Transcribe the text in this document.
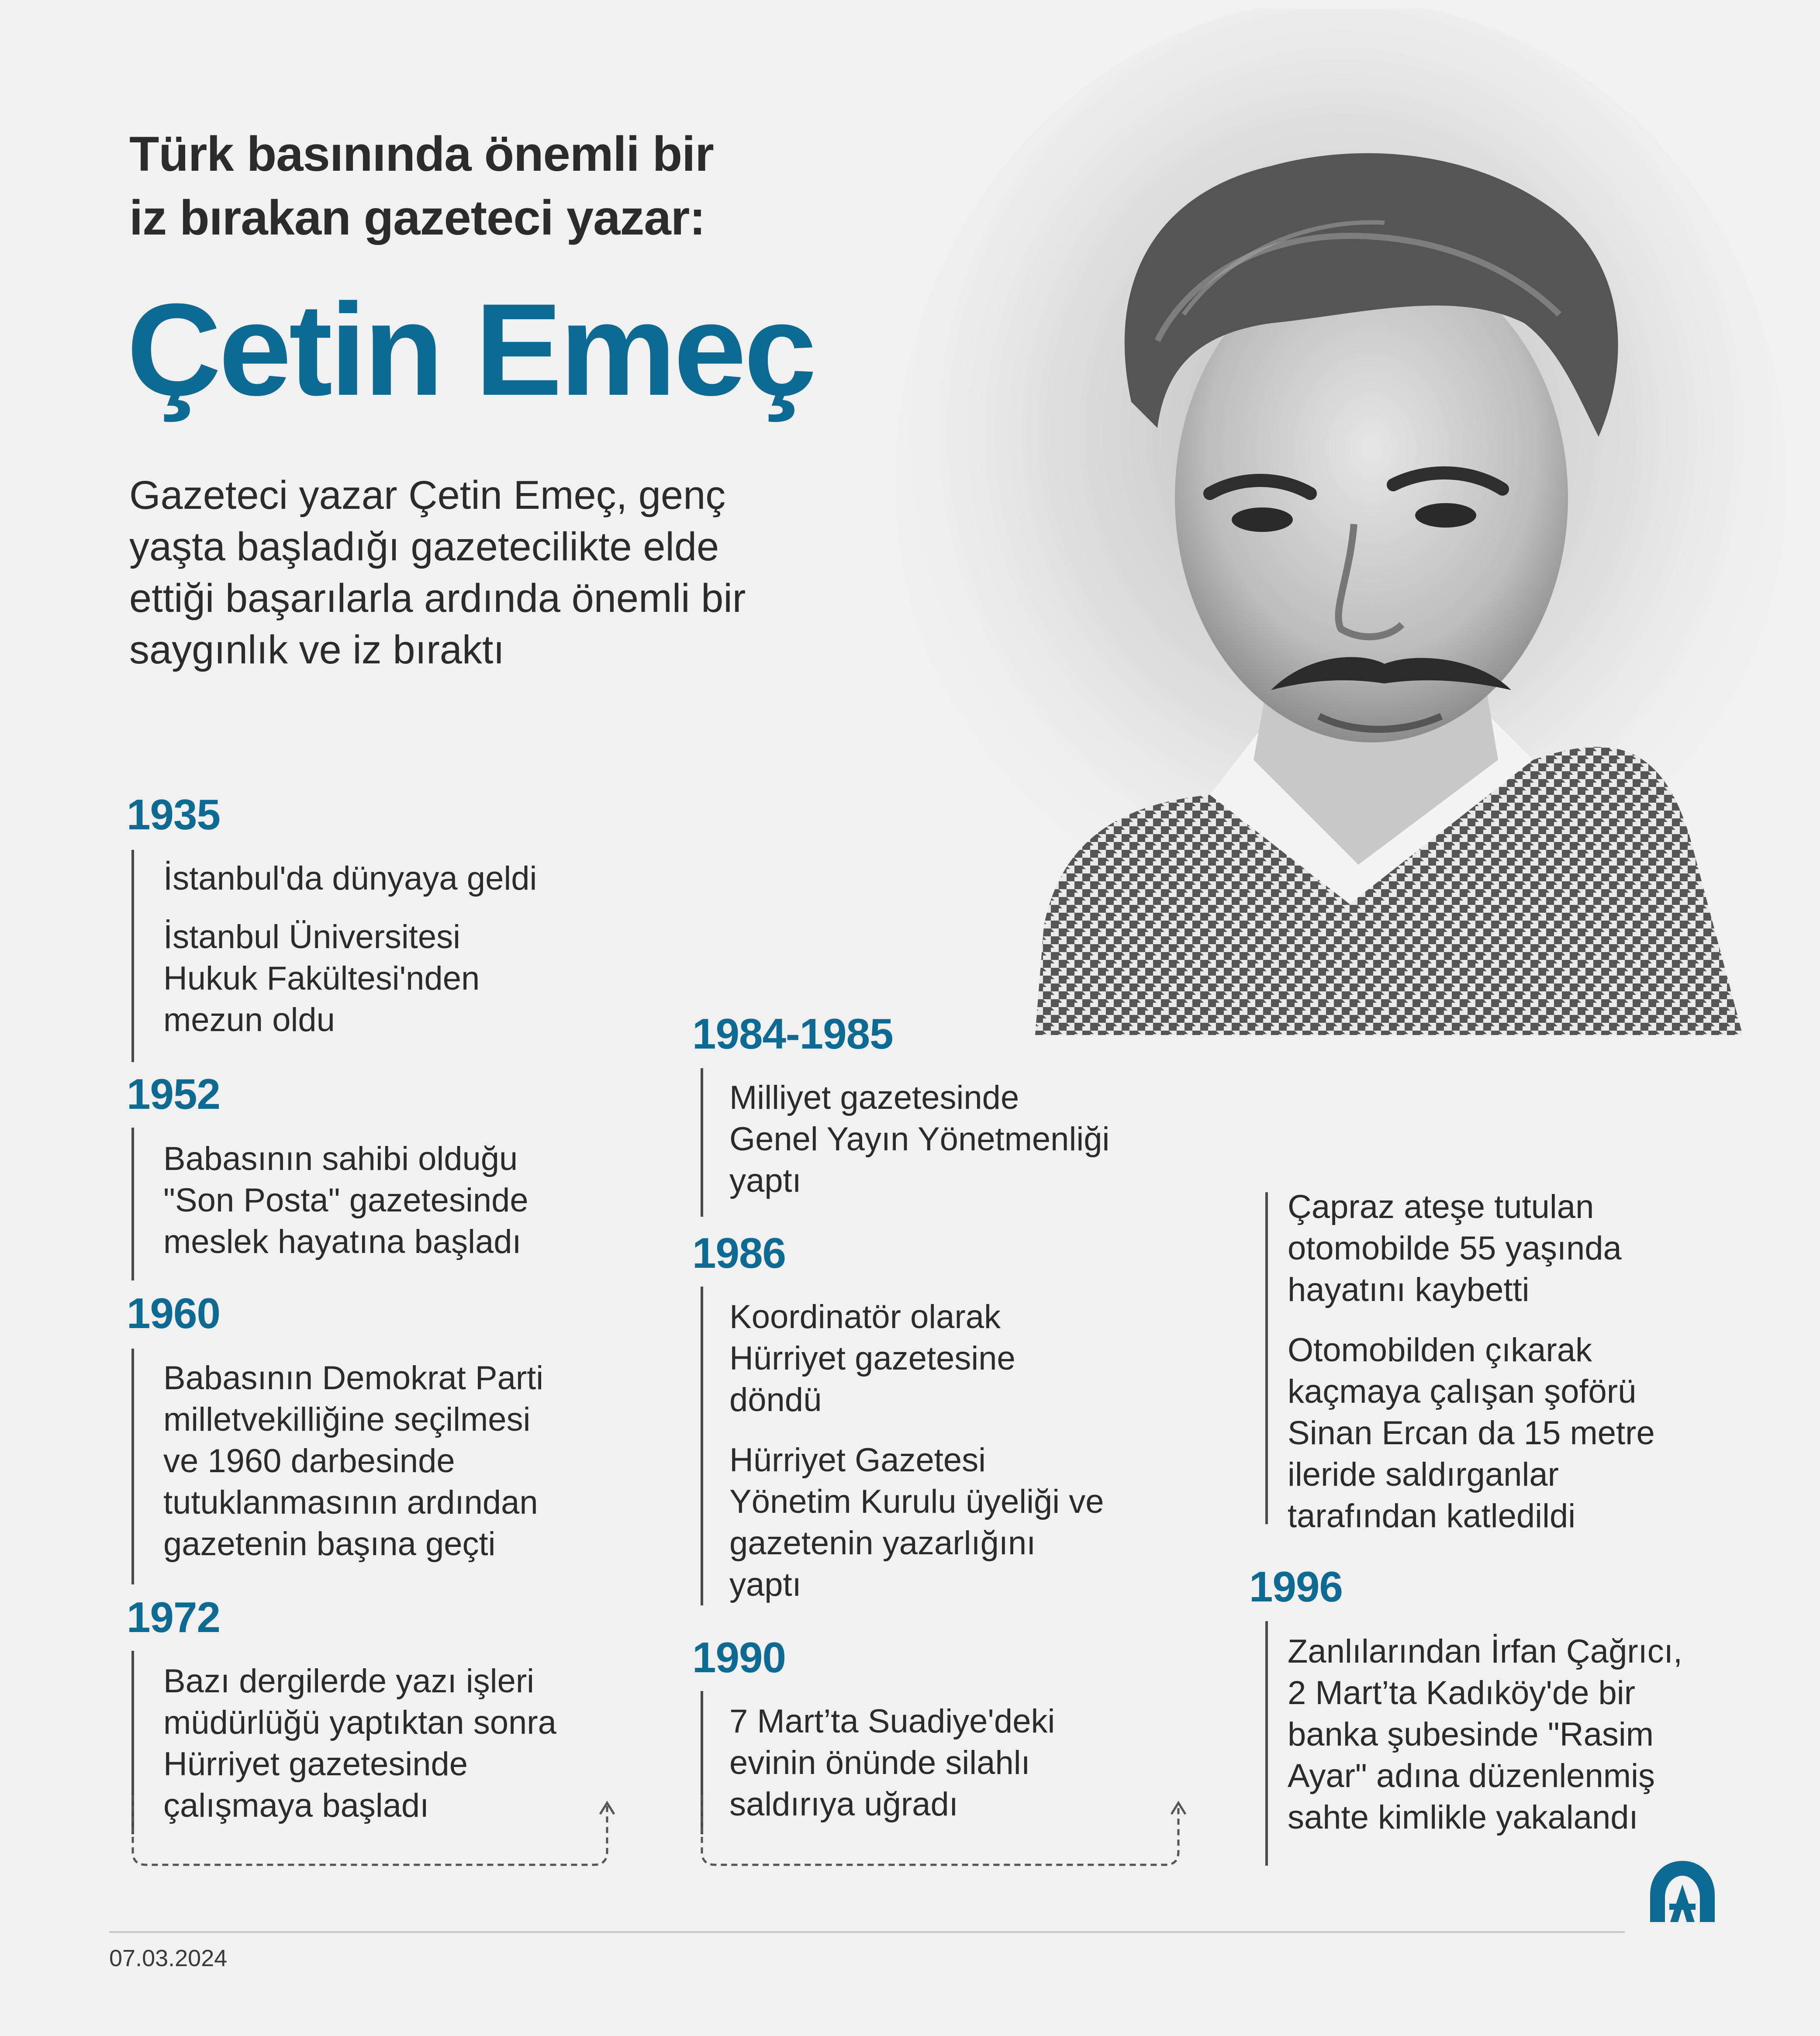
Türk basınında önemli bir
iz bırakan gazeteci yazar:
Çetin Emeç
Gazeteci yazar Çetin Emeç, genç
yaşta başladığı gazetecilikte elde
ettiği başarılarla ardında önemli bir
saygınlık ve iz bıraktı
1935
İstanbul'da dünyaya geldi
İstanbul Üniversitesi
Hukuk Fakültesi'nden
mezun oldu
1952
Babasının sahibi olduğu
"Son Posta" gazetesinde
meslek hayatına başladı
1960
Babasının Demokrat Parti
milletvekilliğine seçilmesi
ve 1960 darbesinde
tutuklanmasının ardından
gazetenin başına geçti
1972
Bazı dergilerde yazı işleri
müdürlüğü yaptıktan sonra
Hürriyet gazetesinde
çalışmaya başladı
1984-1985
Milliyet gazetesinde
Genel Yayın Yönetmenliği
yaptı
1986
Koordinatör olarak
Hürriyet gazetesine
döndü
Hürriyet Gazetesi
Yönetim Kurulu üyeliği ve
gazetenin yazarlığını
yaptı
1990
7 Mart’ta Suadiye'deki
evinin önünde silahlı
saldırıya uğradı
Çapraz ateşe tutulan
otomobilde 55 yaşında
hayatını kaybetti
Otomobilden çıkarak
kaçmaya çalışan şoförü
Sinan Ercan da 15 metre
ileride saldırganlar
tarafından katledildi
1996
Zanlılarından İrfan Çağrıcı,
2 Mart’ta Kadıköy'de bir
banka şubesinde "Rasim
Ayar" adına düzenlenmiş
sahte kimlikle yakalandı
07.03.2024
